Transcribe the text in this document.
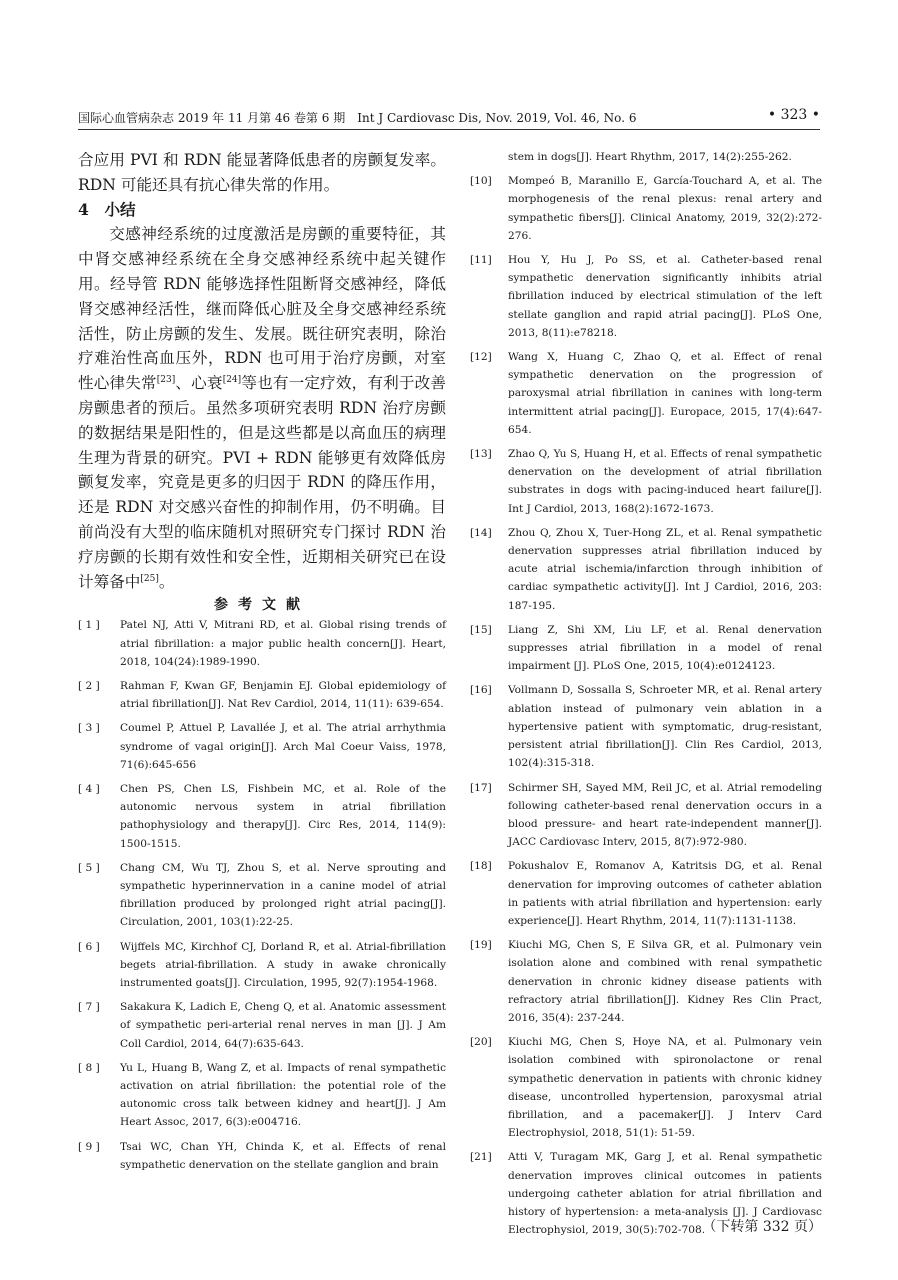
国际心血管病杂志 2019 年 11 月第 46 卷第 6 期　Int J Cardiovasc Dis, Nov. 2019, Vol. 46, No. 6	• 323 •

合应用 PVI 和 RDN 能显著降低患者的房颤复发率。RDN 可能还具有抗心律失常的作用。

4　小结

交感神经系统的过度激活是房颤的重要特征，其中肾交感神经系统在全身交感神经系统中起关键作用。经导管 RDN 能够选择性阻断肾交感神经，降低肾交感神经活性，继而降低心脏及全身交感神经系统活性，防止房颤的发生、发展。既往研究表明，除治疗难治性高血压外，RDN 也可用于治疗房颤，对室性心律失常[23]、心衰[24]等也有一定疗效，有利于改善房颤患者的预后。虽然多项研究表明 RDN 治疗房颤的数据结果是阳性的，但是这些都是以高血压的病理生理为背景的研究。PVI + RDN 能够更有效降低房颤复发率，究竟是更多的归因于 RDN 的降压作用，还是 RDN 对交感兴奋性的抑制作用，仍不明确。目前尚没有大型的临床随机对照研究专门探讨 RDN 治疗房颤的长期有效性和安全性，近期相关研究已在设计筹备中[25]。

参考文献

[ 1 ] Patel NJ, Atti V, Mitrani RD, et al. Global rising trends of atrial fibrillation: a major public health concern[J]. Heart, 2018, 104(24):1989-1990.

[ 2 ] Rahman F, Kwan GF, Benjamin EJ. Global epidemiology of atrial fibrillation[J]. Nat Rev Cardiol, 2014, 11(11): 639-654.

[ 3 ] Coumel P, Attuel P, Lavallée J, et al. The atrial arrhythmia syndrome of vagal origin[J]. Arch Mal Coeur Vaiss, 1978, 71(6):645-656

[ 4 ] Chen PS, Chen LS, Fishbein MC, et al. Role of the autonomic nervous system in atrial fibrillation pathophysiology and therapy[J]. Circ Res, 2014, 114(9): 1500-1515.

[ 5 ] Chang CM, Wu TJ, Zhou S, et al. Nerve sprouting and sympathetic hyperinnervation in a canine model of atrial fibrillation produced by prolonged right atrial pacing[J]. Circulation, 2001, 103(1):22-25.

[ 6 ] Wijffels MC, Kirchhof CJ, Dorland R, et al. Atrial-fibrillation begets atrial-fibrillation. A study in awake chronically instrumented goats[J]. Circulation, 1995, 92(7):1954-1968.

[ 7 ] Sakakura K, Ladich E, Cheng Q, et al. Anatomic assessment of sympathetic peri-arterial renal nerves in man [J]. J Am Coll Cardiol, 2014, 64(7):635-643.

[ 8 ] Yu L, Huang B, Wang Z, et al. Impacts of renal sympathetic activation on atrial fibrillation: the potential role of the autonomic cross talk between kidney and heart[J]. J Am Heart Assoc, 2017, 6(3):e004716.

[ 9 ] Tsai WC, Chan YH, Chinda K, et al. Effects of renal sympathetic denervation on the stellate ganglion and brain

stem in dogs[J]. Heart Rhythm, 2017, 14(2):255-262.

[10] Mompeó B, Maranillo E, García-Touchard A, et al. The morphogenesis of the renal plexus: renal artery and sympathetic fibers[J]. Clinical Anatomy, 2019, 32(2):272-276.

[11] Hou Y, Hu J, Po SS, et al. Catheter-based renal sympathetic denervation significantly inhibits atrial fibrillation induced by electrical stimulation of the left stellate ganglion and rapid atrial pacing[J]. PLoS One, 2013, 8(11):e78218.

[12] Wang X, Huang C, Zhao Q, et al. Effect of renal sympathetic denervation on the progression of paroxysmal atrial fibrillation in canines with long-term intermittent atrial pacing[J]. Europace, 2015, 17(4):647-654.

[13] Zhao Q, Yu S, Huang H, et al. Effects of renal sympathetic denervation on the development of atrial fibrillation substrates in dogs with pacing-induced heart failure[J]. Int J Cardiol, 2013, 168(2):1672-1673.

[14] Zhou Q, Zhou X, Tuer-Hong ZL, et al. Renal sympathetic denervation suppresses atrial fibrillation induced by acute atrial ischemia/infarction through inhibition of cardiac sympathetic activity[J]. Int J Cardiol, 2016, 203: 187-195.

[15] Liang Z, Shi XM, Liu LF, et al. Renal denervation suppresses atrial fibrillation in a model of renal impairment [J]. PLoS One, 2015, 10(4):e0124123.

[16] Vollmann D, Sossalla S, Schroeter MR, et al. Renal artery ablation instead of pulmonary vein ablation in a hypertensive patient with symptomatic, drug-resistant, persistent atrial fibrillation[J]. Clin Res Cardiol, 2013, 102(4):315-318.

[17] Schirmer SH, Sayed MM, Reil JC, et al. Atrial remodeling following catheter-based renal denervation occurs in a blood pressure- and heart rate-independent manner[J]. JACC Cardiovasc Interv, 2015, 8(7):972-980.

[18] Pokushalov E, Romanov A, Katritsis DG, et al. Renal denervation for improving outcomes of catheter ablation in patients with atrial fibrillation and hypertension: early experience[J]. Heart Rhythm, 2014, 11(7):1131-1138.

[19] Kiuchi MG, Chen S, E Silva GR, et al. Pulmonary vein isolation alone and combined with renal sympathetic denervation in chronic kidney disease patients with refractory atrial fibrillation[J]. Kidney Res Clin Pract, 2016, 35(4): 237-244.

[20] Kiuchi MG, Chen S, Hoye NA, et al. Pulmonary vein isolation combined with spironolactone or renal sympathetic denervation in patients with chronic kidney disease, uncontrolled hypertension, paroxysmal atrial fibrillation, and a pacemaker[J]. J Interv Card Electrophysiol, 2018, 51(1): 51-59.

[21] Atti V, Turagam MK, Garg J, et al. Renal sympathetic denervation improves clinical outcomes in patients undergoing catheter ablation for atrial fibrillation and history of hypertension: a meta-analysis [J]. J Cardiovasc Electrophysiol, 2019, 30(5):702-708.

（下转第 332 页）
